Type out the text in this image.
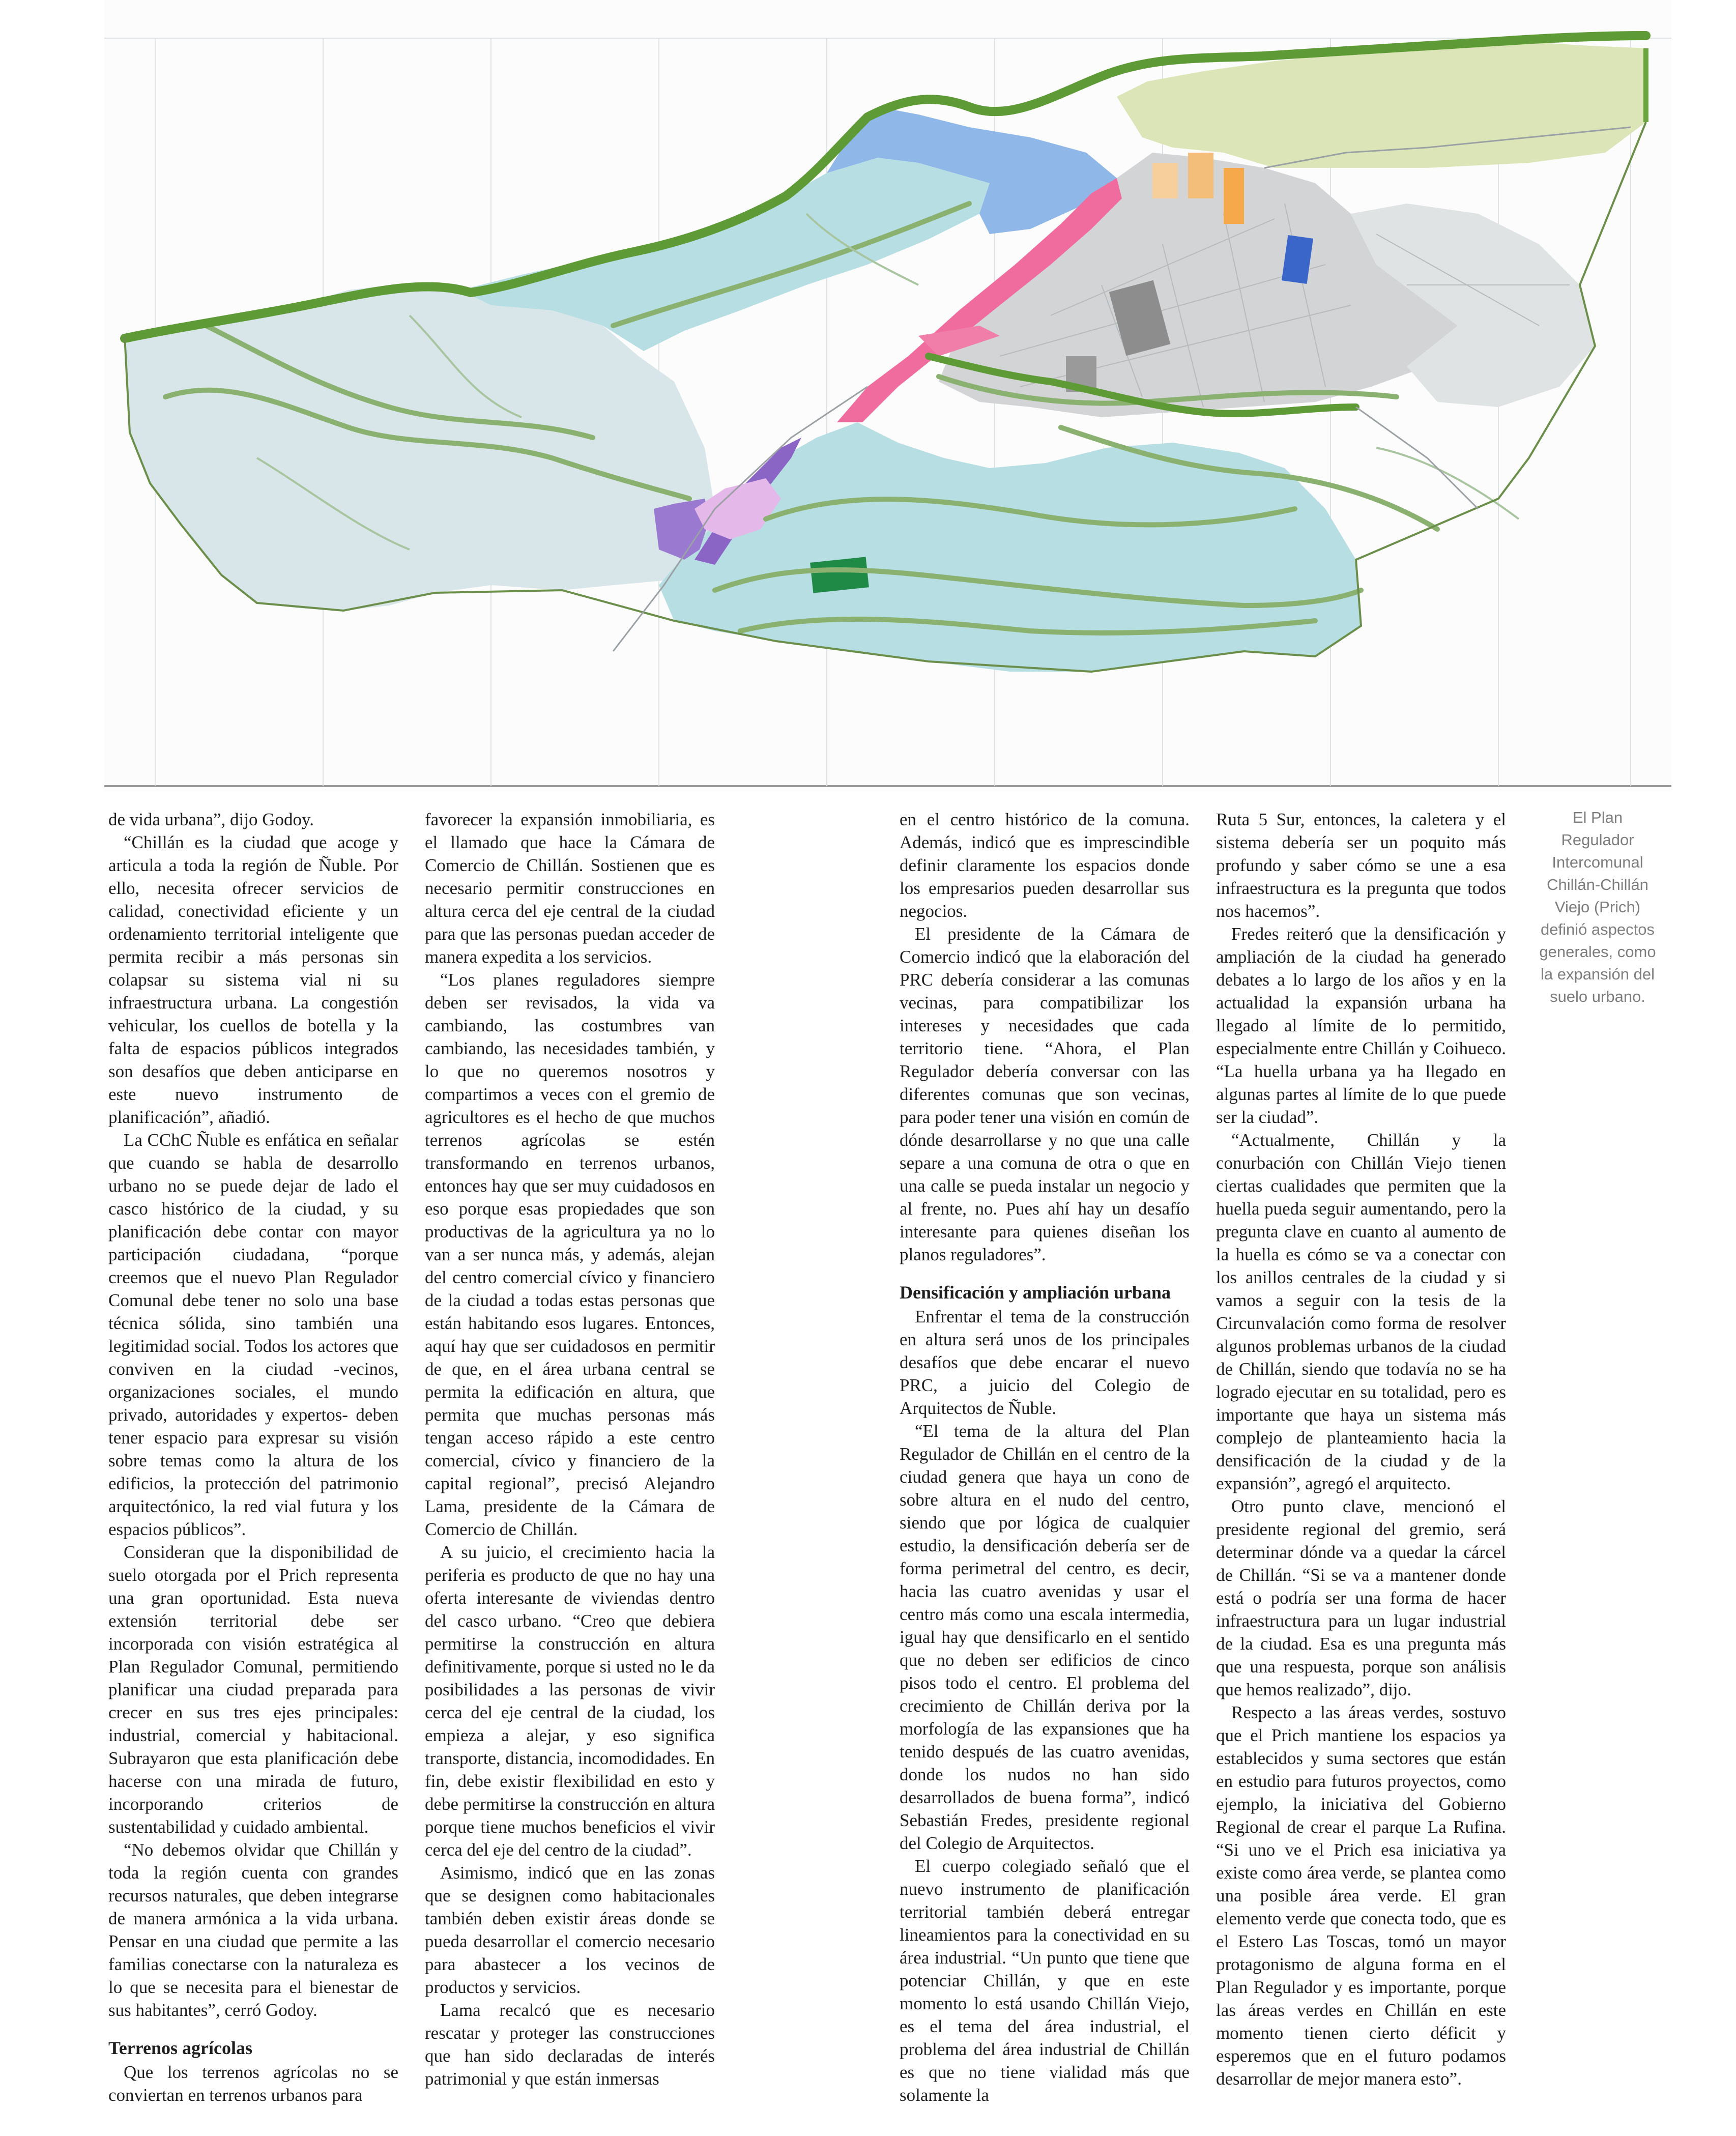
de vida urbana”, dijo Godoy.

“Chillán es la ciudad que acoge y articula a toda la región de Ñuble. Por ello, necesita ofrecer servicios de calidad, conectividad eficiente y un ordenamiento territorial inteligente que permita recibir a más personas sin colapsar su sistema vial ni su infraestructura urbana. La congestión vehicular, los cuellos de botella y la falta de espacios públicos integrados son desafíos que deben anticiparse en este nuevo instrumento de planificación”, añadió.

La CChC Ñuble es enfática en señalar que cuando se habla de desarrollo urbano no se puede dejar de lado el casco histórico de la ciudad, y su planificación debe contar con mayor participación ciudadana, “porque creemos que el nuevo Plan Regulador Comunal debe tener no solo una base técnica sólida, sino también una legitimidad social. Todos los actores que conviven en la ciudad -vecinos, organizaciones sociales, el mundo privado, autoridades y expertos- deben tener espacio para expresar su visión sobre temas como la altura de los edificios, la protección del patrimonio arquitectónico, la red vial futura y los espacios públicos”.

Consideran que la disponibilidad de suelo otorgada por el Prich representa una gran oportunidad. Esta nueva extensión territorial debe ser incorporada con visión estratégica al Plan Regulador Comunal, permitiendo planificar una ciudad preparada para crecer en sus tres ejes principales: industrial, comercial y habitacional. Subrayaron que esta planificación debe hacerse con una mirada de futuro, incorporando criterios de sustentabilidad y cuidado ambiental.

“No debemos olvidar que Chillán y toda la región cuenta con grandes recursos naturales, que deben integrarse de manera armónica a la vida urbana. Pensar en una ciudad que permite a las familias conectarse con la naturaleza es lo que se necesita para el bienestar de sus habitantes”, cerró Godoy.

Terrenos agrícolas

Que los terrenos agrícolas no se conviertan en terrenos urbanos para

favorecer la expansión inmobiliaria, es el llamado que hace la Cámara de Comercio de Chillán. Sostienen que es necesario permitir construcciones en altura cerca del eje central de la ciudad para que las personas puedan acceder de manera expedita a los servicios.

“Los planes reguladores siempre deben ser revisados, la vida va cambiando, las costumbres van cambiando, las necesidades también, y lo que no queremos nosotros y compartimos a veces con el gremio de agricultores es el hecho de que muchos terrenos agrícolas se estén transformando en terrenos urbanos, entonces hay que ser muy cuidadosos en eso porque esas propiedades que son productivas de la agricultura ya no lo van a ser nunca más, y además, alejan del centro comercial cívico y financiero de la ciudad a todas estas personas que están habitando esos lugares. Entonces, aquí hay que ser cuidadosos en permitir de que, en el área urbana central se permita la edificación en altura, que permita que muchas personas más tengan acceso rápido a este centro comercial, cívico y financiero de la capital regional”, precisó Alejandro Lama, presidente de la Cámara de Comercio de Chillán.

A su juicio, el crecimiento hacia la periferia es producto de que no hay una oferta interesante de viviendas dentro del casco urbano. “Creo que debiera permitirse la construcción en altura definitivamente, porque si usted no le da posibilidades a las personas de vivir cerca del eje central de la ciudad, los empieza a alejar, y eso significa transporte, distancia, incomodidades. En fin, debe existir flexibilidad en esto y debe permitirse la construcción en altura porque tiene muchos beneficios el vivir cerca del eje del centro de la ciudad”.

Asimismo, indicó que en las zonas que se designen como habitacionales también deben existir áreas donde se pueda desarrollar el comercio necesario para abastecer a los vecinos de productos y servicios.

Lama recalcó que es necesario rescatar y proteger las construcciones que han sido declaradas de interés patrimonial y que están inmersas

en el centro histórico de la comuna. Además, indicó que es imprescindible definir claramente los espacios donde los empresarios pueden desarrollar sus negocios.

El presidente de la Cámara de Comercio indicó que la elaboración del PRC debería considerar a las comunas vecinas, para compatibilizar los intereses y necesidades que cada territorio tiene. “Ahora, el Plan Regulador debería conversar con las diferentes comunas que son vecinas, para poder tener una visión en común de dónde desarrollarse y no que una calle separe a una comuna de otra o que en una calle se pueda instalar un negocio y al frente, no. Pues ahí hay un desafío interesante para quienes diseñan los planos reguladores”.

Densificación y ampliación urbana

Enfrentar el tema de la construcción en altura será unos de los principales desafíos que debe encarar el nuevo PRC, a juicio del Colegio de Arquitectos de Ñuble.

“El tema de la altura del Plan Regulador de Chillán en el centro de la ciudad genera que haya un cono de sobre altura en el nudo del centro, siendo que por lógica de cualquier estudio, la densificación debería ser de forma perimetral del centro, es decir, hacia las cuatro avenidas y usar el centro más como una escala intermedia, igual hay que densificarlo en el sentido que no deben ser edificios de cinco pisos todo el centro. El problema del crecimiento de Chillán deriva por la morfología de las expansiones que ha tenido después de las cuatro avenidas, donde los nudos no han sido desarrollados de buena forma”, indicó Sebastián Fredes, presidente regional del Colegio de Arquitectos.

El cuerpo colegiado señaló que el nuevo instrumento de planificación territorial también deberá entregar lineamientos para la conectividad en su área industrial. “Un punto que tiene que potenciar Chillán, y que en este momento lo está usando Chillán Viejo, es el tema del área industrial, el problema del área industrial de Chillán es que no tiene vialidad más que solamente la

Ruta 5 Sur, entonces, la caletera y el sistema debería ser un poquito más profundo y saber cómo se une a esa infraestructura es la pregunta que todos nos hacemos”.

Fredes reiteró que la densificación y ampliación de la ciudad ha generado debates a lo largo de los años y en la actualidad la expansión urbana ha llegado al límite de lo permitido, especialmente entre Chillán y Coihueco. “La huella urbana ya ha llegado en algunas partes al límite de lo que puede ser la ciudad”.

“Actualmente, Chillán y la conurbación con Chillán Viejo tienen ciertas cualidades que permiten que la huella pueda seguir aumentando, pero la pregunta clave en cuanto al aumento de la huella es cómo se va a conectar con los anillos centrales de la ciudad y si vamos a seguir con la tesis de la Circunvalación como forma de resolver algunos problemas urbanos de la ciudad de Chillán, siendo que todavía no se ha logrado ejecutar en su totalidad, pero es importante que haya un sistema más complejo de planteamiento hacia la densificación de la ciudad y de la expansión”, agregó el arquitecto.

Otro punto clave, mencionó el presidente regional del gremio, será determinar dónde va a quedar la cárcel de Chillán. “Si se va a mantener donde está o podría ser una forma de hacer infraestructura para un lugar industrial de la ciudad. Esa es una pregunta más que una respuesta, porque son análisis que hemos realizado”, dijo.

Respecto a las áreas verdes, sostuvo que el Prich mantiene los espacios ya establecidos y suma sectores que están en estudio para futuros proyectos, como ejemplo, la iniciativa del Gobierno Regional de crear el parque La Rufina. “Si uno ve el Prich esa iniciativa ya existe como área verde, se plantea como una posible área verde. El gran elemento verde que conecta todo, que es el Estero Las Toscas, tomó un mayor protagonismo de alguna forma en el Plan Regulador y es importante, porque las áreas verdes en Chillán en este momento tienen cierto déficit y esperemos que en el futuro podamos desarrollar de mejor manera esto”.

El Plan
Regulador
Intercomunal
Chillán-Chillán
Viejo (Prich)
definió aspectos
generales, como
la expansión del
suelo urbano.
